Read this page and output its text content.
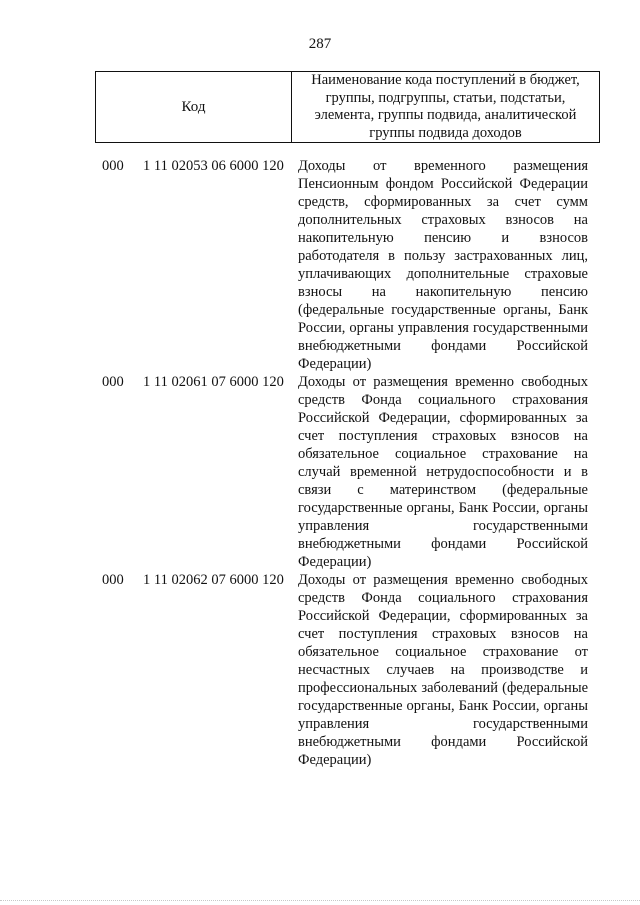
287
Код
Наименование кода поступлений в бюджет, группы, подгруппы, статьи, подстатьи, элемента, группы подвида, аналитической группы подвида доходов
000 1 11 02053 06 6000 120 Доходы от временного размещения Пенсионным фондом Российской Федерации средств, сформированных за счет сумм дополнительных страховых взносов на накопительную пенсию и взносов работодателя в пользу застрахованных лиц, уплачивающих дополнительные страховые взносы на накопительную пенсию (федеральные государственные органы, Банк России, органы управления государственными внебюджетными фондами Российской Федерации)
000 1 11 02061 07 6000 120 Доходы от размещения временно свободных средств Фонда социального страхования Российской Федерации, сформированных за счет поступления страховых взносов на обязательное социальное страхование на случай временной нетрудоспособности и в связи с материнством (федеральные государственные органы, Банк России, органы управления государственными внебюджетными фондами Российской Федерации)
000 1 11 02062 07 6000 120 Доходы от размещения временно свободных средств Фонда социального страхования Российской Федерации, сформированных за счет поступления страховых взносов на обязательное социальное страхование от несчастных случаев на производстве и профессиональных заболеваний (федеральные государственные органы, Банк России, органы управления государственными внебюджетными фондами Российской Федерации)
